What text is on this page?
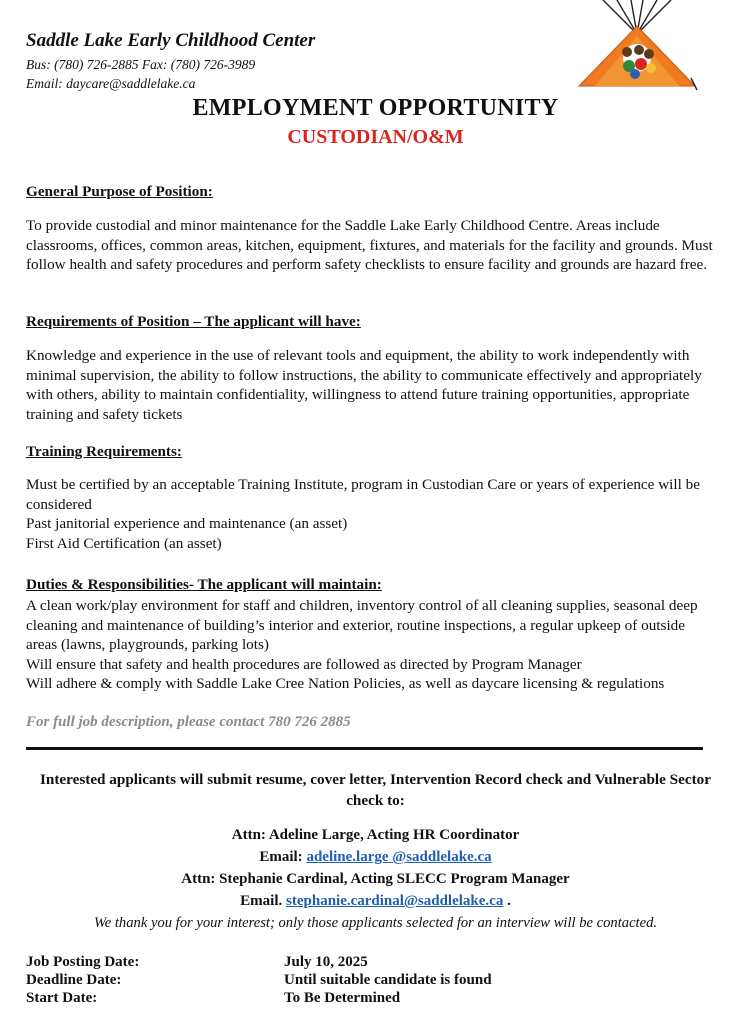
Saddle Lake Early Childhood Center
Bus: (780) 726-2885 Fax: (780) 726-3989
Email: daycare@saddlelake.ca
EMPLOYMENT OPPORTUNITY
CUSTODIAN/O&M
General Purpose of Position:
To provide custodial and minor maintenance for the Saddle Lake Early Childhood Centre. Areas include classrooms, offices, common areas, kitchen, equipment, fixtures, and materials for the facility and grounds. Must follow health and safety procedures and perform safety checklists to ensure facility and grounds are hazard free.
Requirements of Position – The applicant will have:
Knowledge and experience in the use of relevant tools and equipment, the ability to work independently with minimal supervision, the ability to follow instructions, the ability to communicate effectively and appropriately with others, ability to maintain confidentiality, willingness to attend future training opportunities, appropriate training and safety tickets
Training Requirements:
Must be certified by an acceptable Training Institute, program in Custodian Care or years of experience will be considered
Past janitorial experience and maintenance (an asset)
First Aid Certification (an asset)
Duties & Responsibilities- The applicant will maintain:
A clean work/play environment for staff and children, inventory control of all cleaning supplies, seasonal deep cleaning and maintenance of building’s interior and exterior, routine inspections, a regular upkeep of outside areas (lawns, playgrounds, parking lots)
Will ensure that safety and health procedures are followed as directed by Program Manager
Will adhere & comply with Saddle Lake Cree Nation Policies, as well as daycare licensing & regulations
For full job description, please contact 780 726 2885
Interested applicants will submit resume, cover letter, Intervention Record check and Vulnerable Sector check to:
Attn: Adeline Large, Acting HR Coordinator
Email: adeline.large @saddlelake.ca
Attn: Stephanie Cardinal, Acting SLECC Program Manager
Email. stephanie.cardinal@saddlelake.ca .
We thank you for your interest; only those applicants selected for an interview will be contacted.
Job Posting Date:	July 10, 2025
Deadline Date:	Until suitable candidate is found
Start Date:	To Be Determined
